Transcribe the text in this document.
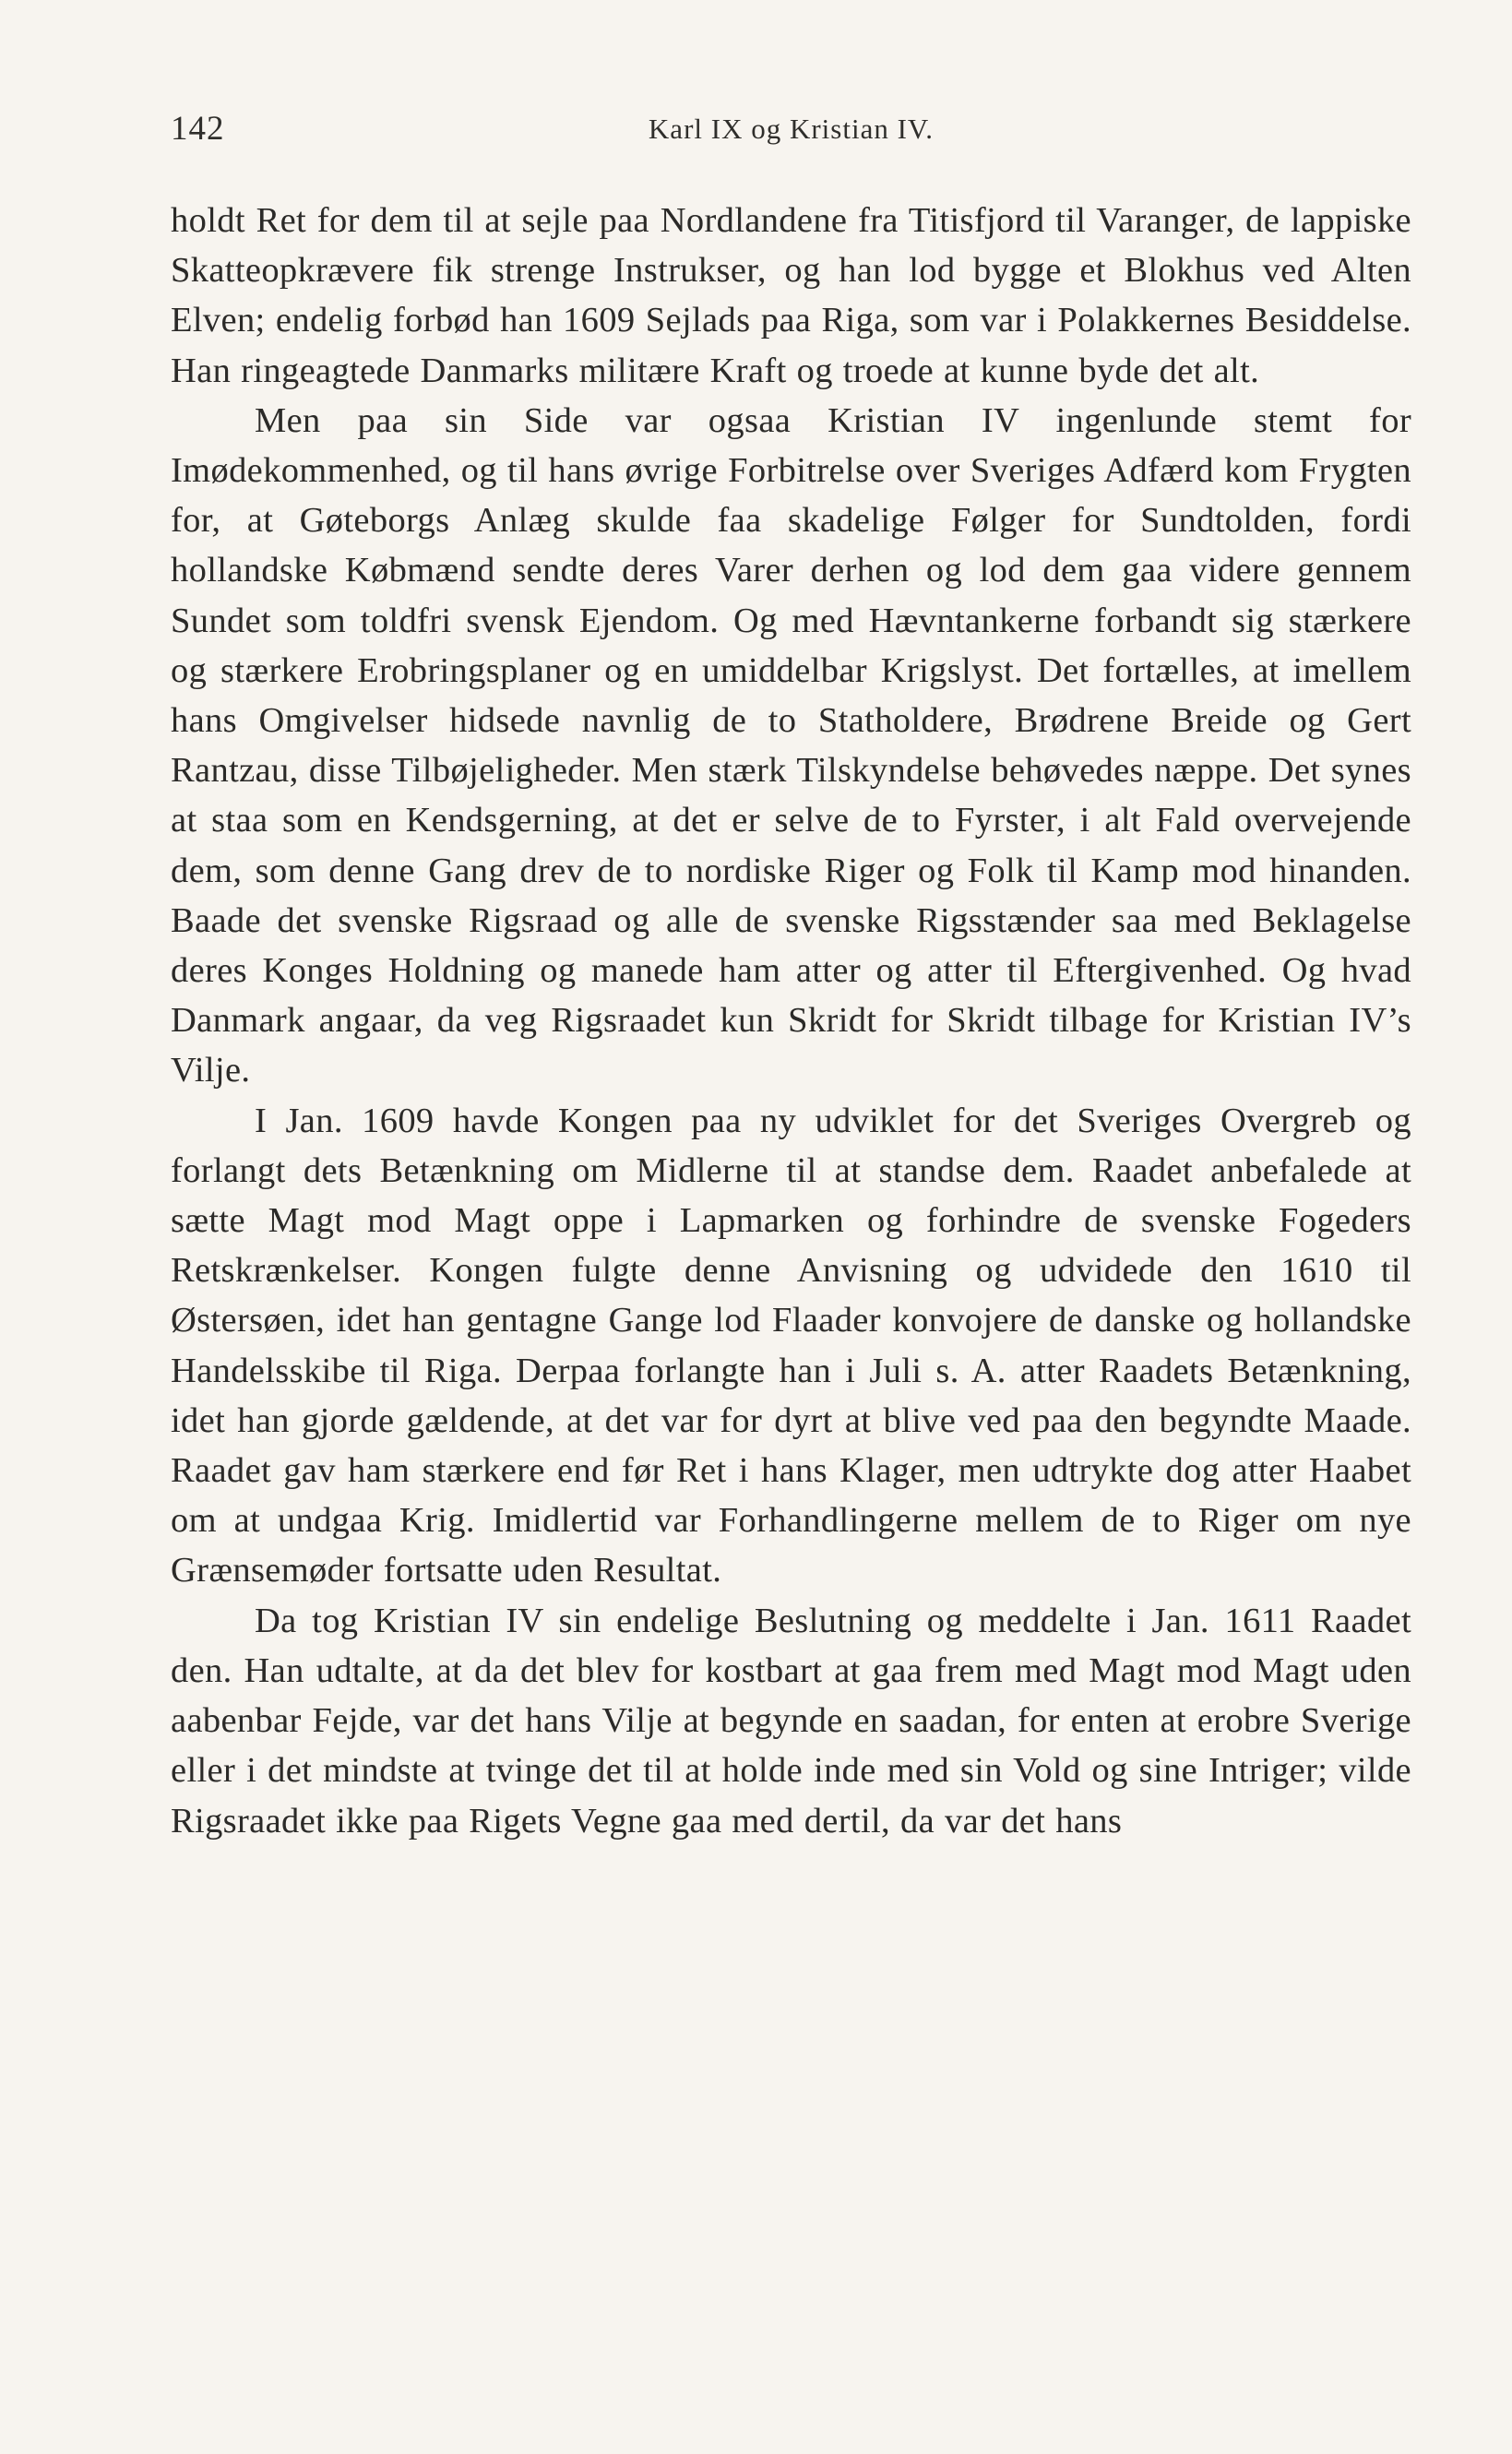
142	Karl IX og Kristian IV.

holdt Ret for dem til at sejle paa Nordlandene fra Titisfjord til Varanger, de lappiske Skatteopkrævere fik strenge Instrukser, og han lod bygge et Blokhus ved Alten Elven; endelig forbød han 1609 Sejlads paa Riga, som var i Polakkernes Besiddelse. Han ringeagtede Danmarks militære Kraft og troede at kunne byde det alt.

Men paa sin Side var ogsaa Kristian IV ingenlunde stemt for Imødekommenhed, og til hans øvrige Forbitrelse over Sveriges Adfærd kom Frygten for, at Gøteborgs Anlæg skulde faa skadelige Følger for Sundtolden, fordi hollandske Købmænd sendte deres Varer derhen og lod dem gaa videre gennem Sundet som toldfri svensk Ejendom. Og med Hævntankerne forbandt sig stærkere og stærkere Erobringsplaner og en umiddelbar Krigslyst. Det fortælles, at imellem hans Omgivelser hidsede navnlig de to Statholdere, Brødrene Breide og Gert Rantzau, disse Tilbøjeligheder. Men stærk Tilskyndelse behøvedes næppe. Det synes at staa som en Kendsgerning, at det er selve de to Fyrster, i alt Fald overvejende dem, som denne Gang drev de to nordiske Riger og Folk til Kamp mod hinanden. Baade det svenske Rigsraad og alle de svenske Rigsstænder saa med Beklagelse deres Konges Holdning og manede ham atter og atter til Eftergivenhed. Og hvad Danmark angaar, da veg Rigsraadet kun Skridt for Skridt tilbage for Kristian IV’s Vilje.

I Jan. 1609 havde Kongen paa ny udviklet for det Sveriges Overgreb og forlangt dets Betænkning om Midlerne til at standse dem. Raadet anbefalede at sætte Magt mod Magt oppe i Lapmarken og forhindre de svenske Fogeders Retskrænkelser. Kongen fulgte denne Anvisning og udvidede den 1610 til Østersøen, idet han gentagne Gange lod Flaader konvojere de danske og hollandske Handelsskibe til Riga. Derpaa forlangte han i Juli s. A. atter Raadets Betænkning, idet han gjorde gældende, at det var for dyrt at blive ved paa den begyndte Maade. Raadet gav ham stærkere end før Ret i hans Klager, men udtrykte dog atter Haabet om at undgaa Krig. Imidlertid var Forhandlingerne mellem de to Riger om nye Grænsemøder fortsatte uden Resultat.

Da tog Kristian IV sin endelige Beslutning og meddelte i Jan. 1611 Raadet den. Han udtalte, at da det blev for kostbart at gaa frem med Magt mod Magt uden aabenbar Fejde, var det hans Vilje at begynde en saadan, for enten at erobre Sverige eller i det mindste at tvinge det til at holde inde med sin Vold og sine Intriger; vilde Rigsraadet ikke paa Rigets Vegne gaa med dertil, da var det hans
